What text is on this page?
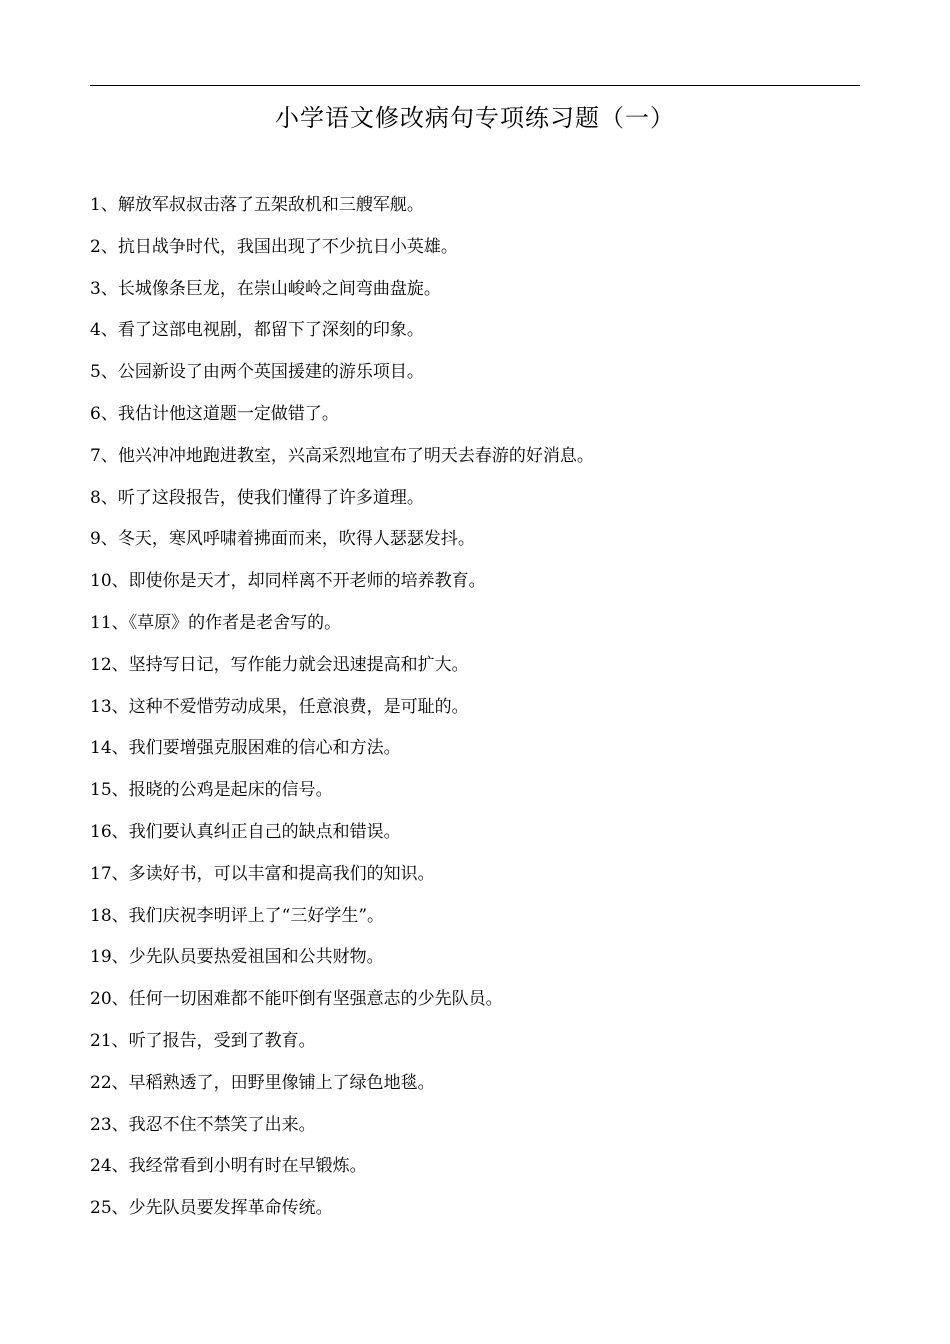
小学语文修改病句专项练习题（一）
1、解放军叔叔击落了五架敌机和三艘军舰。
2、抗日战争时代，我国出现了不少抗日小英雄。
3、长城像条巨龙，在崇山峻岭之间弯曲盘旋。
4、看了这部电视剧，都留下了深刻的印象。
5、公园新设了由两个英国援建的游乐项目。
6、我估计他这道题一定做错了。
7、他兴冲冲地跑进教室，兴高采烈地宣布了明天去春游的好消息。
8、听了这段报告，使我们懂得了许多道理。
9、冬天，寒风呼啸着拂面而来，吹得人瑟瑟发抖。
10、即使你是天才，却同样离不开老师的培养教育。
11、《草原》的作者是老舍写的。
12、坚持写日记，写作能力就会迅速提高和扩大。
13、这种不爱惜劳动成果，任意浪费，是可耻的。
14、我们要增强克服困难的信心和方法。
15、报晓的公鸡是起床的信号。
16、我们要认真纠正自己的缺点和错误。
17、多读好书，可以丰富和提高我们的知识。
18、我们庆祝李明评上了“三好学生”。
19、少先队员要热爱祖国和公共财物。
20、任何一切困难都不能吓倒有坚强意志的少先队员。
21、听了报告，受到了教育。
22、早稻熟透了，田野里像铺上了绿色地毯。
23、我忍不住不禁笑了出来。
24、我经常看到小明有时在早锻炼。
25、少先队员要发挥革命传统。
